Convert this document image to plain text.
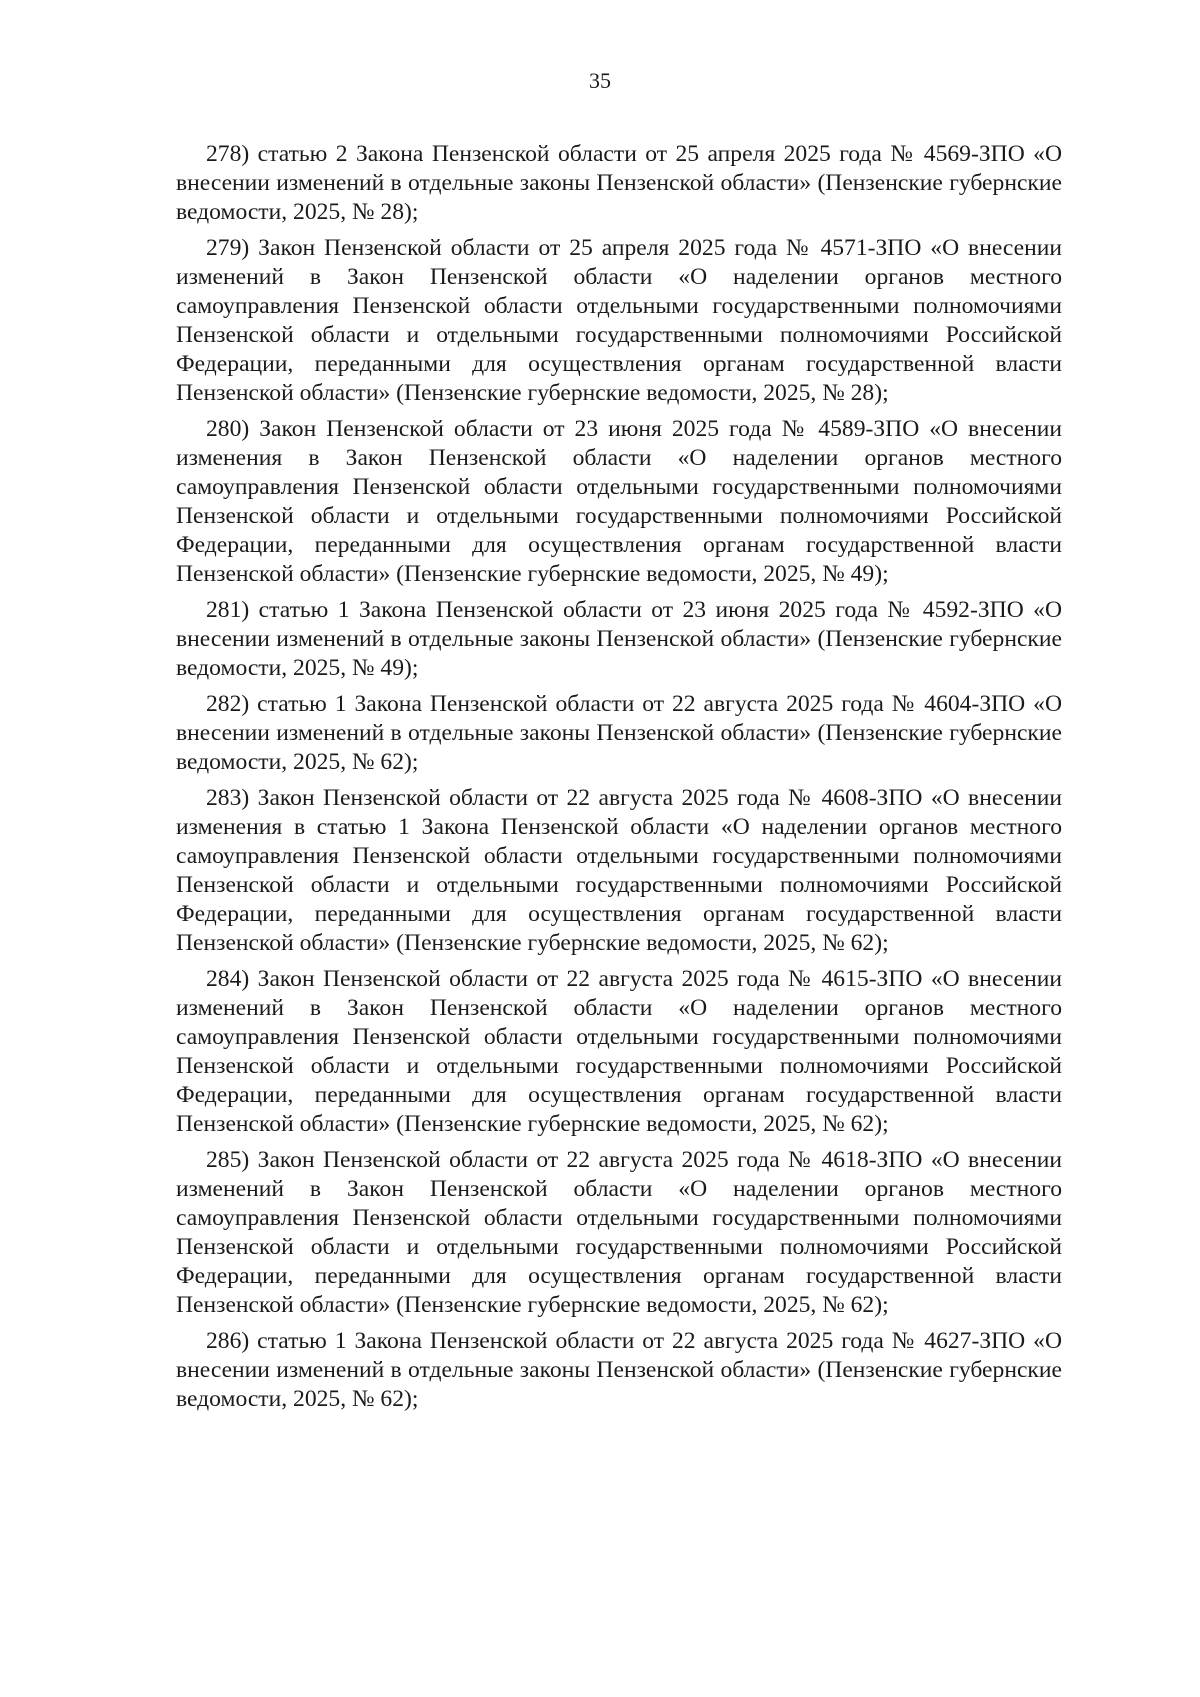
35

278) статью 2 Закона Пензенской области от 25 апреля 2025 года № 4569-ЗПО «О внесении изменений в отдельные законы Пензенской области» (Пензенские губернские ведомости, 2025, № 28);

279) Закон Пензенской области от 25 апреля 2025 года № 4571-ЗПО «О внесении изменений в Закон Пензенской области «О наделении органов местного самоуправления Пензенской области отдельными государственными полномочиями Пензенской области и отдельными государственными полномочиями Российской Федерации, переданными для осуществления органам государственной власти Пензенской области» (Пензенские губернские ведомости, 2025, № 28);

280) Закон Пензенской области от 23 июня 2025 года № 4589-ЗПО «О внесении изменения в Закон Пензенской области «О наделении органов местного самоуправления Пензенской области отдельными государственными полномочиями Пензенской области и отдельными государственными полномочиями Российской Федерации, переданными для осуществления органам государственной власти Пензенской области» (Пензенские губернские ведомости, 2025, № 49);

281) статью 1 Закона Пензенской области от 23 июня 2025 года № 4592-ЗПО «О внесении изменений в отдельные законы Пензенской области» (Пензенские губернские ведомости, 2025, № 49);

282) статью 1 Закона Пензенской области от 22 августа 2025 года № 4604-ЗПО «О внесении изменений в отдельные законы Пензенской области» (Пензенские губернские ведомости, 2025, № 62);

283) Закон Пензенской области от 22 августа 2025 года № 4608-ЗПО «О внесении изменения в статью 1 Закона Пензенской области «О наделении органов местного самоуправления Пензенской области отдельными государственными полномочиями Пензенской области и отдельными государственными полномочиями Российской Федерации, переданными для осуществления органам государственной власти Пензенской области» (Пензенские губернские ведомости, 2025, № 62);

284) Закон Пензенской области от 22 августа 2025 года № 4615-ЗПО «О внесении изменений в Закон Пензенской области «О наделении органов местного самоуправления Пензенской области отдельными государственными полномочиями Пензенской области и отдельными государственными полномочиями Российской Федерации, переданными для осуществления органам государственной власти Пензенской области» (Пензенские губернские ведомости, 2025, № 62);

285) Закон Пензенской области от 22 августа 2025 года № 4618-ЗПО «О внесении изменений в Закон Пензенской области «О наделении органов местного самоуправления Пензенской области отдельными государственными полномочиями Пензенской области и отдельными государственными полномочиями Российской Федерации, переданными для осуществления органам государственной власти Пензенской области» (Пензенские губернские ведомости, 2025, № 62);

286) статью 1 Закона Пензенской области от 22 августа 2025 года № 4627-ЗПО «О внесении изменений в отдельные законы Пензенской области» (Пензенские губернские ведомости, 2025, № 62);
